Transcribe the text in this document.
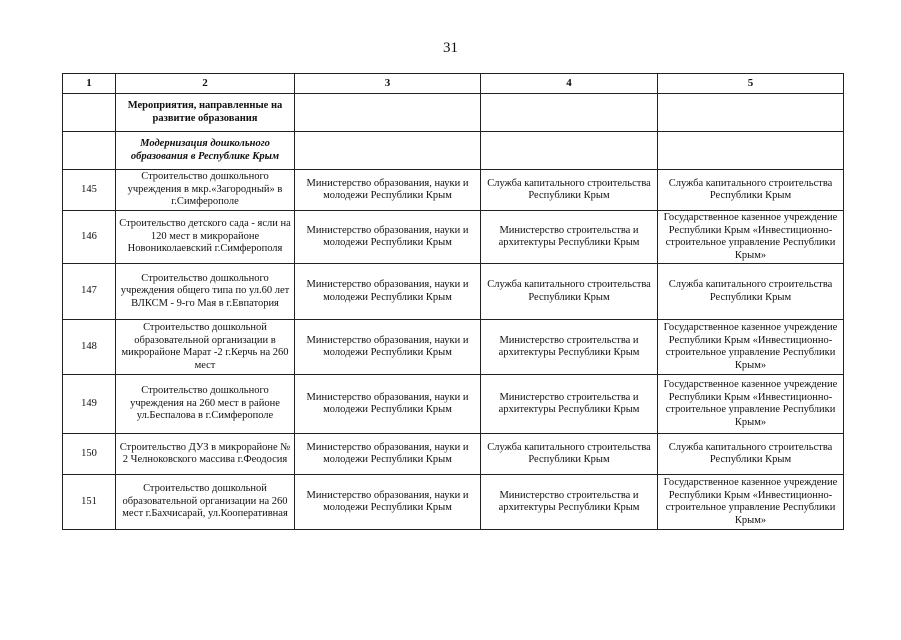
31
1	2	3	4	5
	Мероприятия, направленные на развитие образования			
	Модернизация дошкольного образования в Республике Крым			
145	Строительство дошкольного учреждения в мкр.«Загородный» в г.Симферополе	Министерство образования, науки и молодежи Республики Крым	Служба капитального строительства Республики Крым	Служба капитального строительства Республики Крым
146	Строительство детского сада - ясли на 120 мест в микрорайоне Новониколаевский г.Симферополя	Министерство образования, науки и молодежи Республики Крым	Министерство строительства и архитектуры Республики Крым	Государственное казенное учреждение Республики Крым «Инвестиционно-строительное управление Республики Крым»
147	Строительство дошкольного учреждения общего типа по ул.60 лет ВЛКСМ - 9-го Мая в г.Евпатория	Министерство образования, науки и молодежи Республики Крым	Служба капитального строительства Республики Крым	Служба капитального строительства Республики Крым
148	Строительство дошкольной образовательной организации в микрорайоне Марат -2 г.Керчь на 260 мест	Министерство образования, науки и молодежи Республики Крым	Министерство строительства и архитектуры Республики Крым	Государственное казенное учреждение Республики Крым «Инвестиционно-строительное управление Республики Крым»
149	Строительство дошкольного учреждения на 260 мест в районе ул.Беспалова в г.Симферополе	Министерство образования, науки и молодежи Республики Крым	Министерство строительства и архитектуры Республики Крым	Государственное казенное учреждение Республики Крым «Инвестиционно-строительное управление Республики Крым»
150	Строительство ДУЗ в микрорайоне № 2 Челноковского массива г.Феодосия	Министерство образования, науки и молодежи Республики Крым	Служба капитального строительства Республики Крым	Служба капитального строительства Республики Крым
151	Строительство дошкольной образовательной организации на 260 мест г.Бахчисарай, ул.Кооперативная	Министерство образования, науки и молодежи Республики Крым	Министерство строительства и архитектуры Республики Крым	Государственное казенное учреждение Республики Крым «Инвестиционно-строительное управление Республики Крым»
